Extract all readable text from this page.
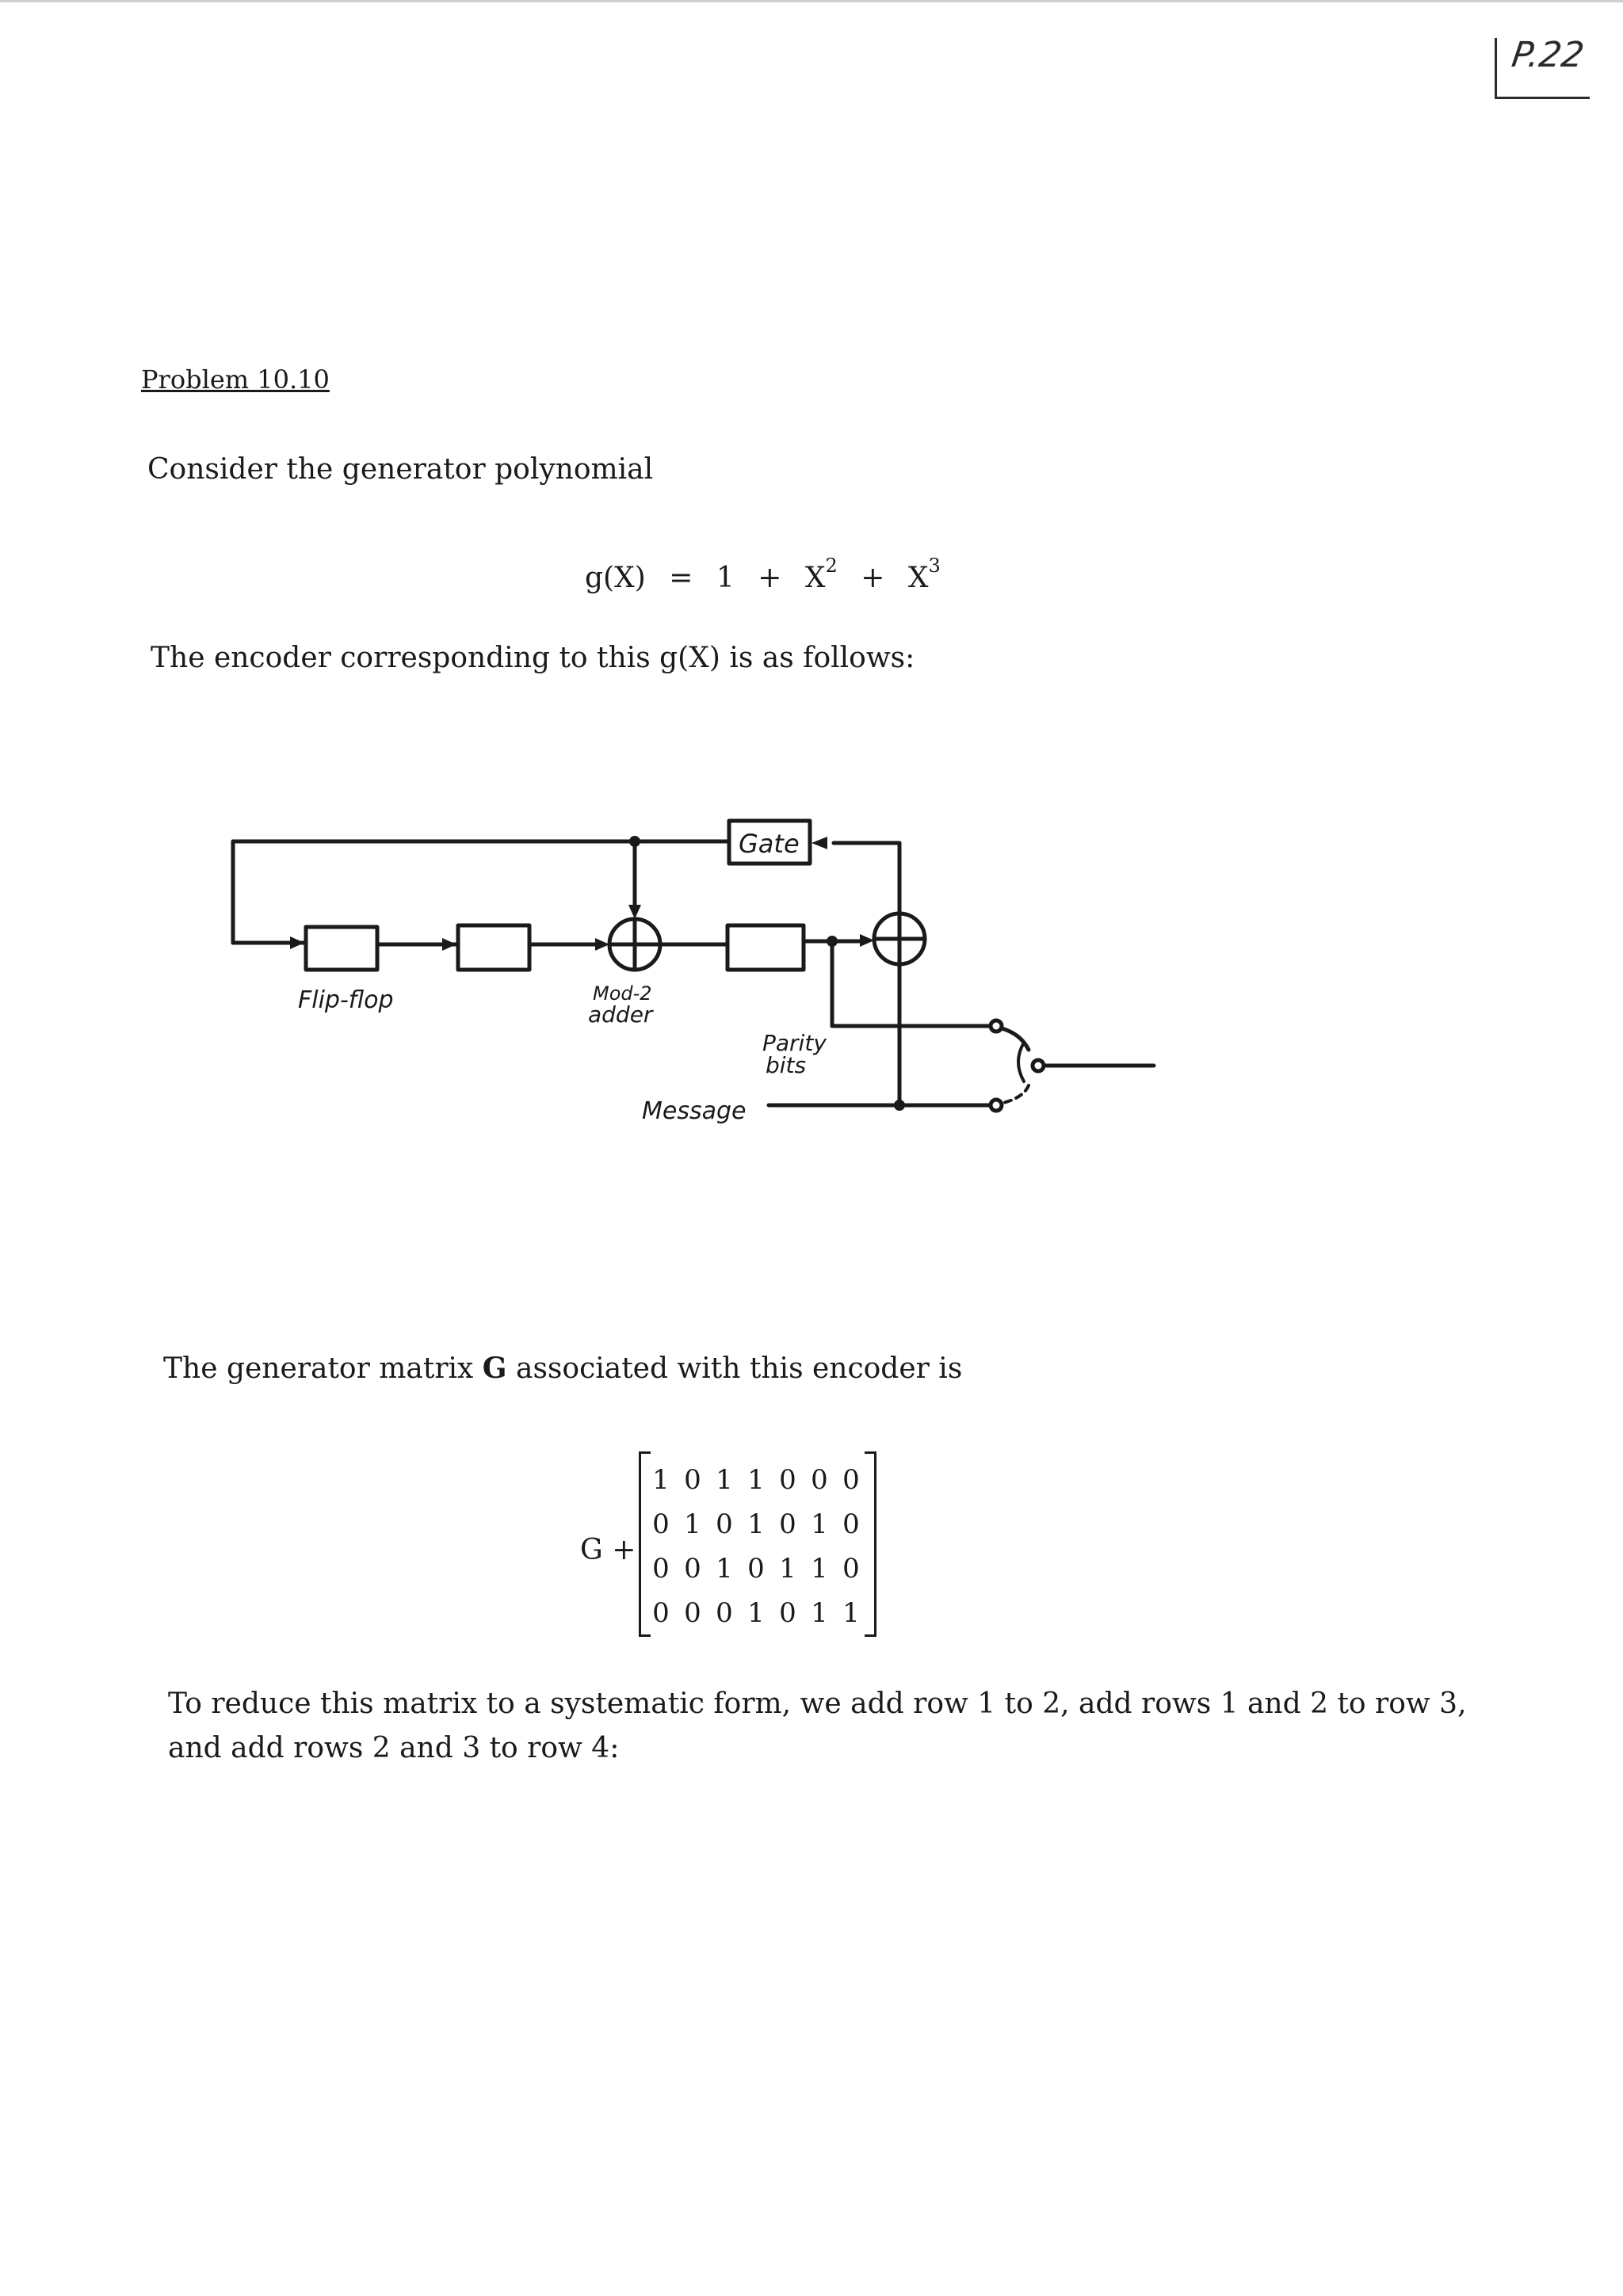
P.22
Problem 10.10
Consider the generator polynomial
$g(X) = 1 + X^2 + X^3$
The encoder corresponding to this g(X) is as follows:
Gate
Flip-flop	Mod-2
adder
Parity
bits
Message
The generator matrix G associated with this encoder is
G +
1 0 1 1 0 0 0
0 1 0 1 0 1 0
0 0 1 0 1 1 0
0 0 0 1 0 1 1
To reduce this matrix to a systematic form, we add row 1 to 2, add rows 1 and 2 to row 3,
and add rows 2 and 3 to row 4:
